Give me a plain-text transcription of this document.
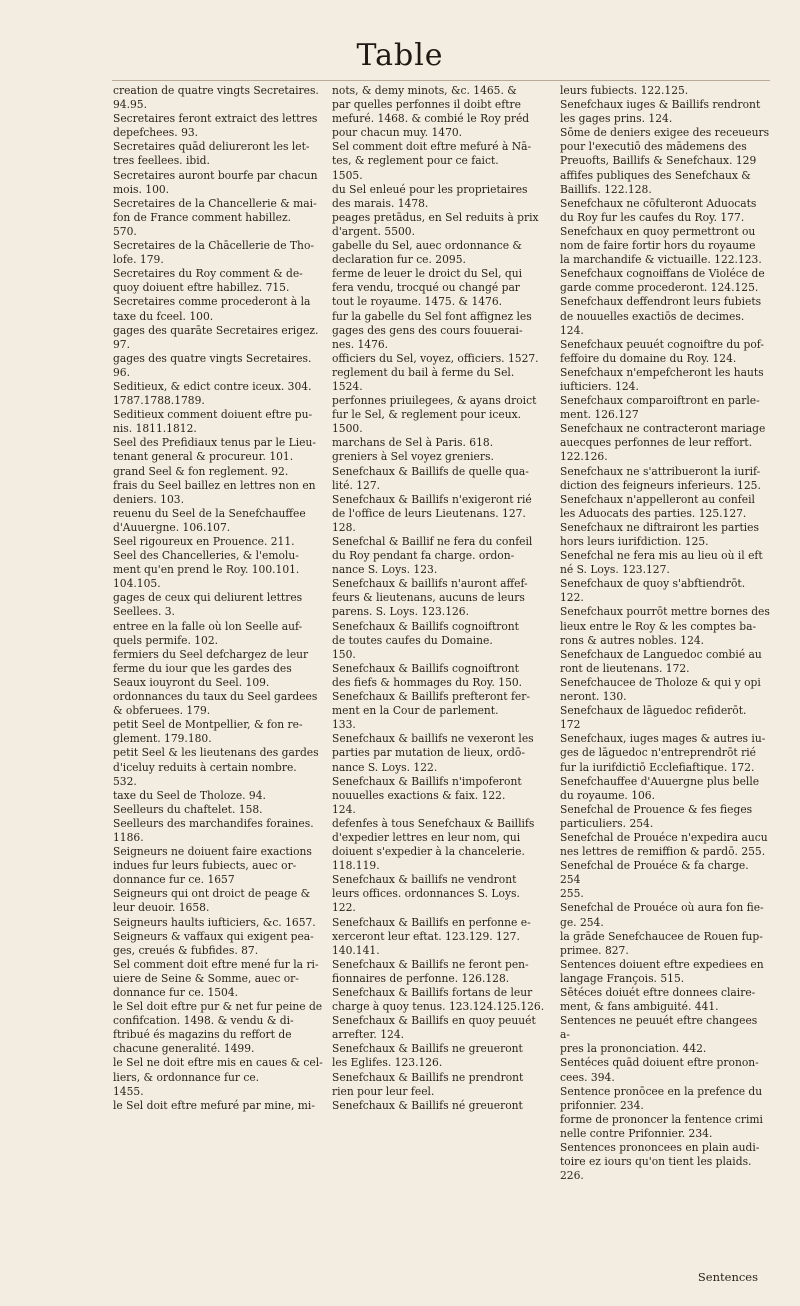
Table
creation de quatre vingts Secretaires.
94.95.
Secretaires feront extraict des lettres
depefchees. 93.
Secretaires quād deliureront les let-
tres feellees. ibid.
Secretaires auront bourfe par chacun
mois. 100.
Secretaires de la Chancellerie & mai-
fon de France comment habillez.
570.
Secretaires de la Chācellerie de Tho-
lofe. 179.
Secretaires du Roy comment & de-
quoy doiuent eftre habillez. 715.
Secretaires comme procederont à la
taxe du fceel. 100.
gages des quarāte Secretaires erigez.
97.
gages des quatre vingts Secretaires.
96.
Seditieux, & edict contre iceux. 304.
1787.1788.1789.
Seditieux comment doiuent eftre pu-
nis. 1811.1812.
Seel des Prefidiaux tenus par le Lieu-
tenant general & procureur. 101.
grand Seel & fon reglement. 92.
frais du Seel baillez en lettres non en
deniers. 103.
reuenu du Seel de la Senefchauffee
d'Auuergne. 106.107.
Seel rigoureux en Prouence. 211.
Seel des Chancelleries, & l'emolu-
ment qu'en prend le Roy. 100.101.
104.105.
gages de ceux qui deliurent lettres
Seellees. 3.
entree en la falle où lon Seelle auf-
quels permife. 102.
fermiers du Seel defchargez de leur
ferme du iour que les gardes des
Seaux iouyront du Seel. 109.
ordonnances du taux du Seel gardees
& obferuees. 179.
petit Seel de Montpellier, & fon re-
glement. 179.180.
petit Seel & les lieutenans des gardes
d'iceluy reduits à certain nombre.
532.
taxe du Seel de Tholoze. 94.
Seelleurs du chaftelet. 158.
Seelleurs des marchandifes foraines.
1186.
Seigneurs ne doiuent faire exactions
indues fur leurs fubiects, auec or-
donnance fur ce. 1657
Seigneurs qui ont droict de peage &
leur deuoir. 1658.
Seigneurs haults iufticiers, &c. 1657.
Seigneurs & vaffaux qui exigent pea-
ges, creués & fubfides. 87.
Sel comment doit eftre mené fur la ri-
uiere de Seine & Somme, auec or-
donnance fur ce. 1504.
le Sel doit eftre pur & net fur peine de
confifcation. 1498. & vendu & di-
ftribué és magazins du reffort de
chacune generalité. 1499.
le Sel ne doit eftre mis en caues & cel-
liers, & ordonnance fur ce.
1455.
le Sel doit eftre mefuré par mine, mi-
nots, & demy minots, &c. 1465. &
par quelles perfonnes il doibt eftre
mefuré. 1468. & combié le Roy préd
pour chacun muy. 1470.
Sel comment doit eftre mefuré à Nā-
tes, & reglement pour ce faict.
1505.
du Sel enleué pour les proprietaires
des marais. 1478.
peages pretādus, en Sel reduits à prix
d'argent. 5500.
gabelle du Sel, auec ordonnance &
declaration fur ce. 2095.
ferme de leuer le droict du Sel, qui
fera vendu, trocqué ou changé par
tout le royaume. 1475. & 1476.
fur la gabelle du Sel font affignez les
gages des gens des cours fouuerai-
nes. 1476.
officiers du Sel, voyez, officiers. 1527.
reglement du bail à ferme du Sel.
1524.
perfonnes priuilegees, & ayans droict
fur le Sel, & reglement pour iceux.
1500.
marchans de Sel à Paris. 618.
greniers à Sel voyez greniers.
Senefchaux & Baillifs de quelle qua-
lité. 127.
Senefchaux & Baillifs n'exigeront rié
de l'office de leurs Lieutenans. 127.
128.
Senefchal & Baillif ne fera du confeil
du Roy pendant fa charge. ordon-
nance S. Loys. 123.
Senefchaux & baillifs n'auront affef-
feurs & lieutenans, aucuns de leurs
parens. S. Loys. 123.126.
Senefchaux & Baillifs cognoiftront
de toutes caufes du Domaine.
150.
Senefchaux & Baillifs cognoiftront
des fiefs & hommages du Roy. 150.
Senefchaux & Baillifs prefteront fer-
ment en la Cour de parlement.
133.
Senefchaux & baillifs ne vexeront les
parties par mutation de lieux, ordō-
nance S. Loys. 122.
Senefchaux & Baillifs n'impoferont
nouuelles exactions & faix. 122.
124.
defenfes à tous Senefchaux & Baillifs
d'expedier lettres en leur nom, qui
doiuent s'expedier à la chancelerie.
118.119.
Senefchaux & baillifs ne vendront
leurs offices. ordonnances S. Loys.
122.
Senefchaux & Baillifs en perfonne e-
xerceront leur eftat. 123.129. 127.
140.141.
Senefchaux & Baillifs ne feront pen-
fionnaires de perfonne. 126.128.
Senefchaux & Baillifs fortans de leur
charge à quoy tenus. 123.124.125.126.
Senefchaux & Baillifs en quoy peuuét
arrefter. 124.
Senefchaux & Baillifs ne greueront
les Eglifes. 123.126.
Senefchaux & Baillifs ne prendront
rien pour leur feel.
Senefchaux & Baillifs né greueront
leurs fubiects. 122.125.
Senefchaux iuges & Baillifs rendront
les gages prins. 124.
Sōme de deniers exigee des receueurs
pour l'executiō des mādemens des
Preuofts, Baillifs & Senefchaux. 129
affifes publiques des Senefchaux &
Baillifs. 122.128.
Senefchaux ne cōfulteront Aduocats
du Roy fur les caufes du Roy. 177.
Senefchaux en quoy permettront ou
nom de faire fortir hors du royaume
la marchandife & victuaille. 122.123.
Senefchaux cognoiffans de Violéce de
garde comme procederont. 124.125.
Senefchaux deffendront leurs fubiets
de nouuelles exactiōs de decimes. 124.
Senefchaux peuuét cognoiftre du pof-
feffoire du domaine du Roy. 124.
Senefchaux n'empefcheront les hauts
iufticiers. 124.
Senefchaux comparoiftront en parle-
ment. 126.127
Senefchaux ne contracteront mariage
auecques perfonnes de leur reffort.
122.126.
Senefchaux ne s'attribueront la iurif-
diction des feigneurs inferieurs. 125.
Senefchaux n'appelleront au confeil
les Aduocats des parties. 125.127.
Senefchaux ne diftrairont les parties
hors leurs iurifdiction. 125.
Senefchal ne fera mis au lieu où il eft
né S. Loys. 123.127.
Senefchaux de quoy s'abftiendrōt. 122.
Senefchaux pourrōt mettre bornes des
lieux entre le Roy & les comptes ba-
rons & autres nobles. 124.
Senefchaux de Languedoc combié au
ront de lieutenans. 172.
Senefchaucee de Tholoze & qui y opi
neront. 130.
Senefchaux de lāguedoc refiderōt. 172
Senefchaux, iuges mages & autres iu-
ges de lāguedoc n'entreprendrōt rié
fur la iurifdictiō Ecclefiaftique. 172.
Senefchauffee d'Auuergne plus belle
du royaume. 106.
Senefchal de Prouence & fes fieges
particuliers. 254.
Senefchal de Prouéce n'expedira aucu
nes lettres de remiffion & pardō. 255.
Senefchal de Prouéce & fa charge. 254
255.
Senefchal de Prouéce où aura fon fie-
ge. 254.
la grāde Senefchaucee de Rouen fup-
primee. 827.
Sentences doiuent eftre expediees en
langage François. 515.
Sētéces doiuét eftre donnees claire-
ment, & fans ambiguité. 441.
Sentences ne peuuét eftre changees a-
pres la prononciation. 442.
Sentéces quād doiuent eftre pronon-
cees. 394.
Sentence pronōcee en la prefence du
prifonnier. 234.
forme de prononcer la fentence crimi
nelle contre Prifonnier. 234.
Sentences prononcees en plain audi-
toire ez iours qu'on tient les plaids.
226.
Sentences
